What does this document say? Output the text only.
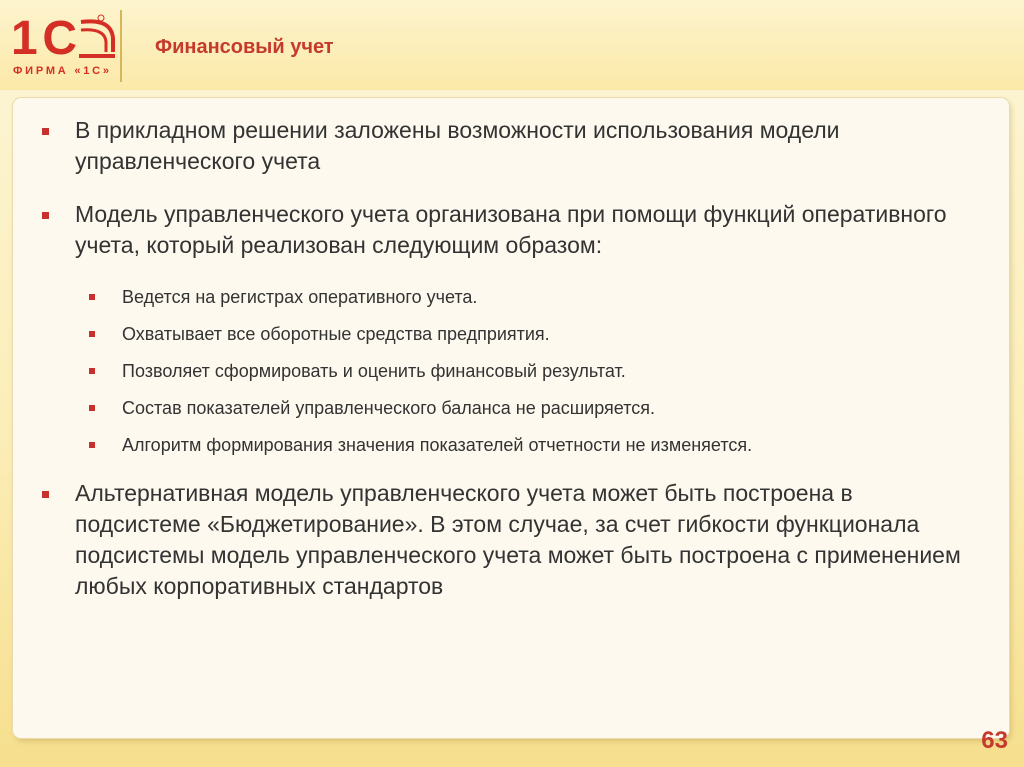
1С
ФИРМА «1С»
Финансовый учет
В прикладном решении заложены возможности использования модели управленческого учета
Модель управленческого учета организована при помощи функций оперативного учета, который реализован следующим образом:
Ведется на регистрах оперативного учета.
Охватывает все оборотные средства предприятия.
Позволяет сформировать и оценить финансовый результат.
Состав показателей управленческого баланса не расширяется.
Алгоритм формирования значения показателей отчетности не изменяется.
Альтернативная модель управленческого учета может быть построена в подсистеме «Бюджетирование». В этом случае, за счет гибкости функционала подсистемы модель управленческого учета может быть построена с применением любых корпоративных стандартов
63
